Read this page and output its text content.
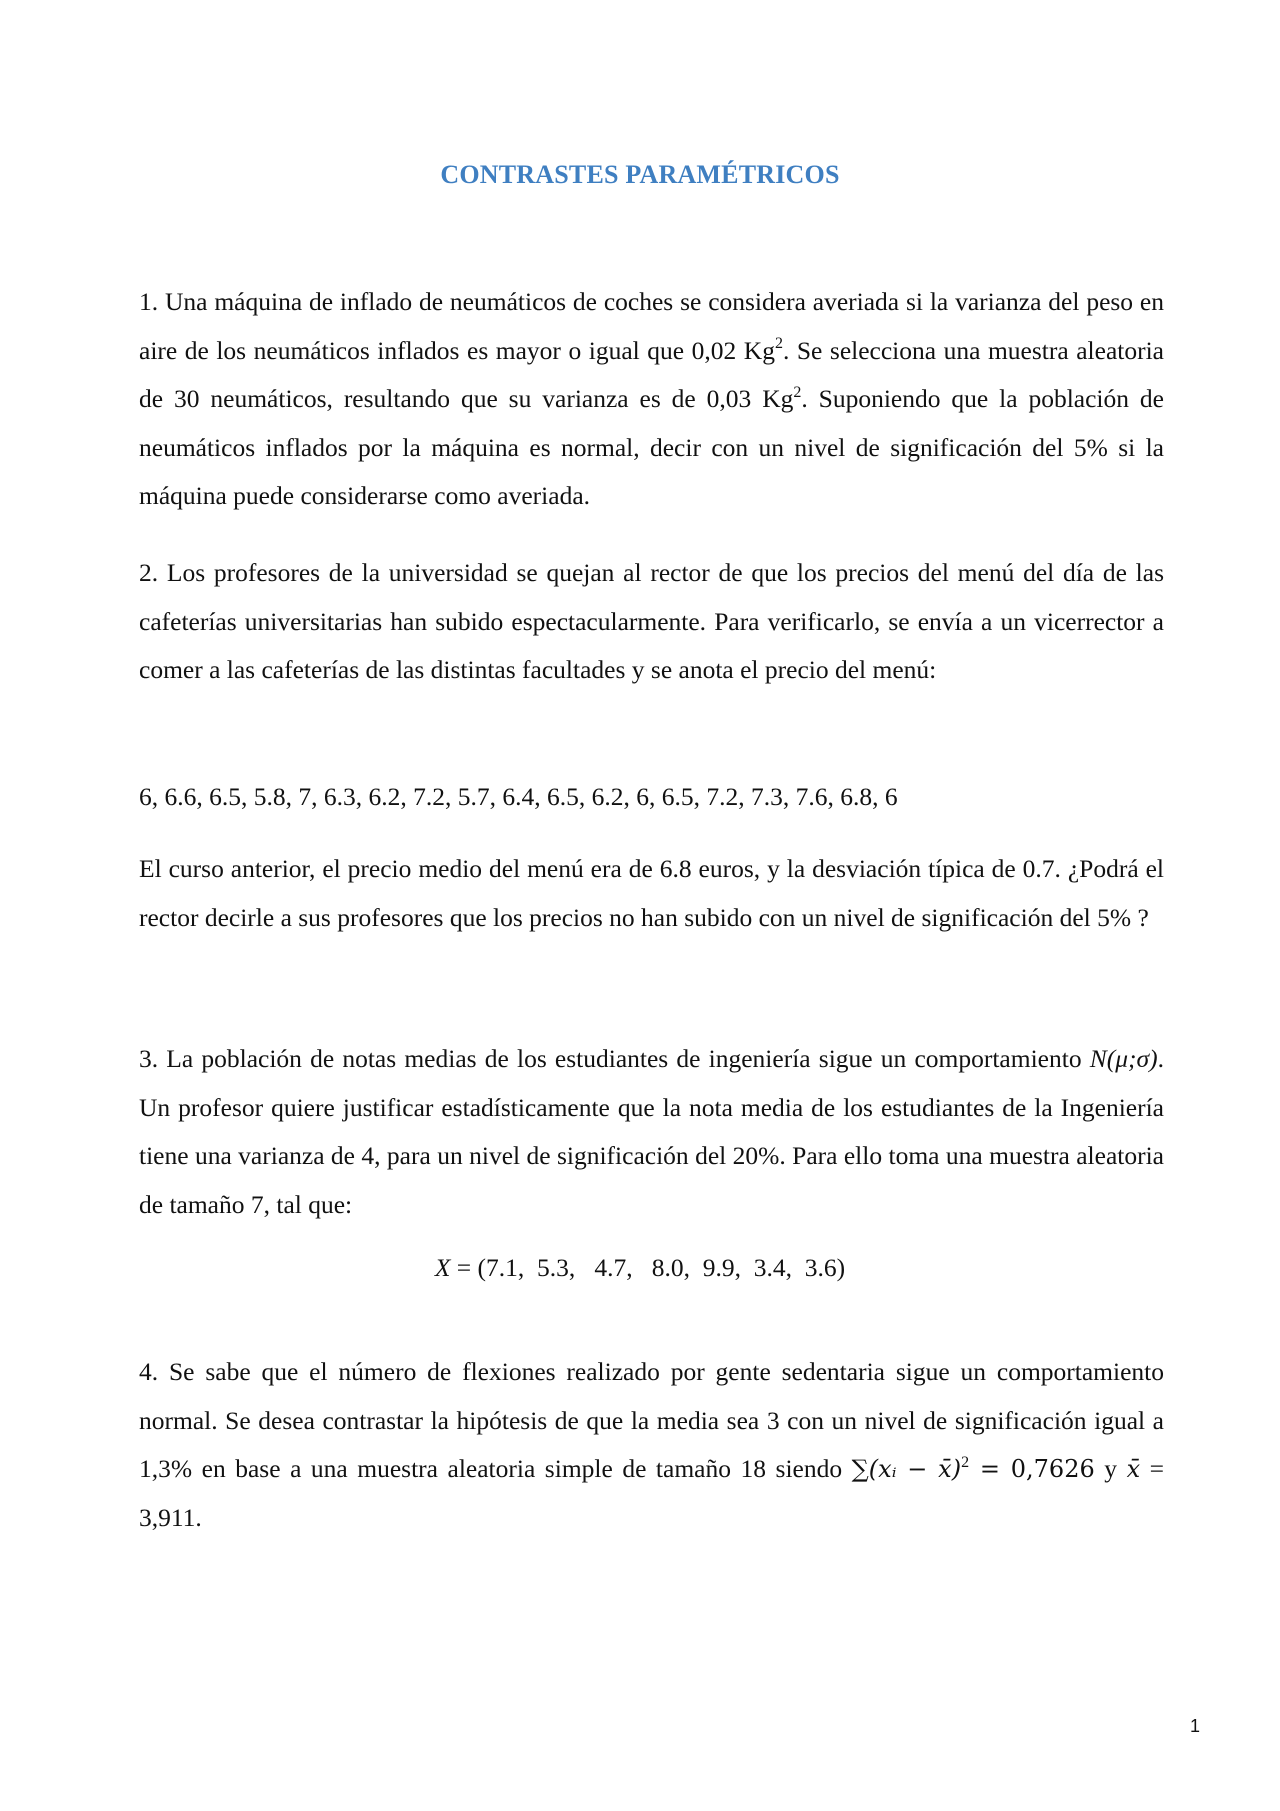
CONTRASTES PARAMÉTRICOS

1. Una máquina de inflado de neumáticos de coches se considera averiada si la varianza del peso en aire de los neumáticos inflados es mayor o igual que 0,02 Kg$^2$. Se selecciona una muestra aleatoria de 30 neumáticos, resultando que su varianza es de 0,03 Kg$^2$. Suponiendo que la población de neumáticos inflados por la máquina es normal, decir con un nivel de significación del 5% si la máquina puede considerarse como averiada.

2. Los profesores de la universidad se quejan al rector de que los precios del menú del día de las cafeterías universitarias han subido espectacularmente. Para verificarlo, se envía a un vicerrector a comer a las cafeterías de las distintas facultades y se anota el precio del menú:

6, 6.6, 6.5, 5.8, 7, 6.3, 6.2, 7.2, 5.7, 6.4, 6.5, 6.2, 6, 6.5, 7.2, 7.3, 7.6, 6.8, 6

El curso anterior, el precio medio del menú era de 6.8 euros, y la desviación típica de 0.7. ¿Podrá el rector decirle a sus profesores que los precios no han subido con un nivel de significación del 5% ?

3. La población de notas medias de los estudiantes de ingeniería sigue un comportamiento N(μ;σ). Un profesor quiere justificar estadísticamente que la nota media de los estudiantes de la Ingeniería tiene una varianza de 4, para un nivel de significación del 20%. Para ello toma una muestra aleatoria de tamaño 7, tal que:

X = (7.1,  5.3,   4.7,   8.0,  9.9,  3.4,  3.6)

4. Se sabe que el número de flexiones realizado por gente sedentaria sigue un comportamiento normal. Se desea contrastar la hipótesis de que la media sea 3 con un nivel de significación igual a 1,3% en base a una muestra aleatoria simple de tamaño 18 siendo ∑(xᵢ − x̄)$^2$ = 0,7626 y x̄ = 3,911.

1
